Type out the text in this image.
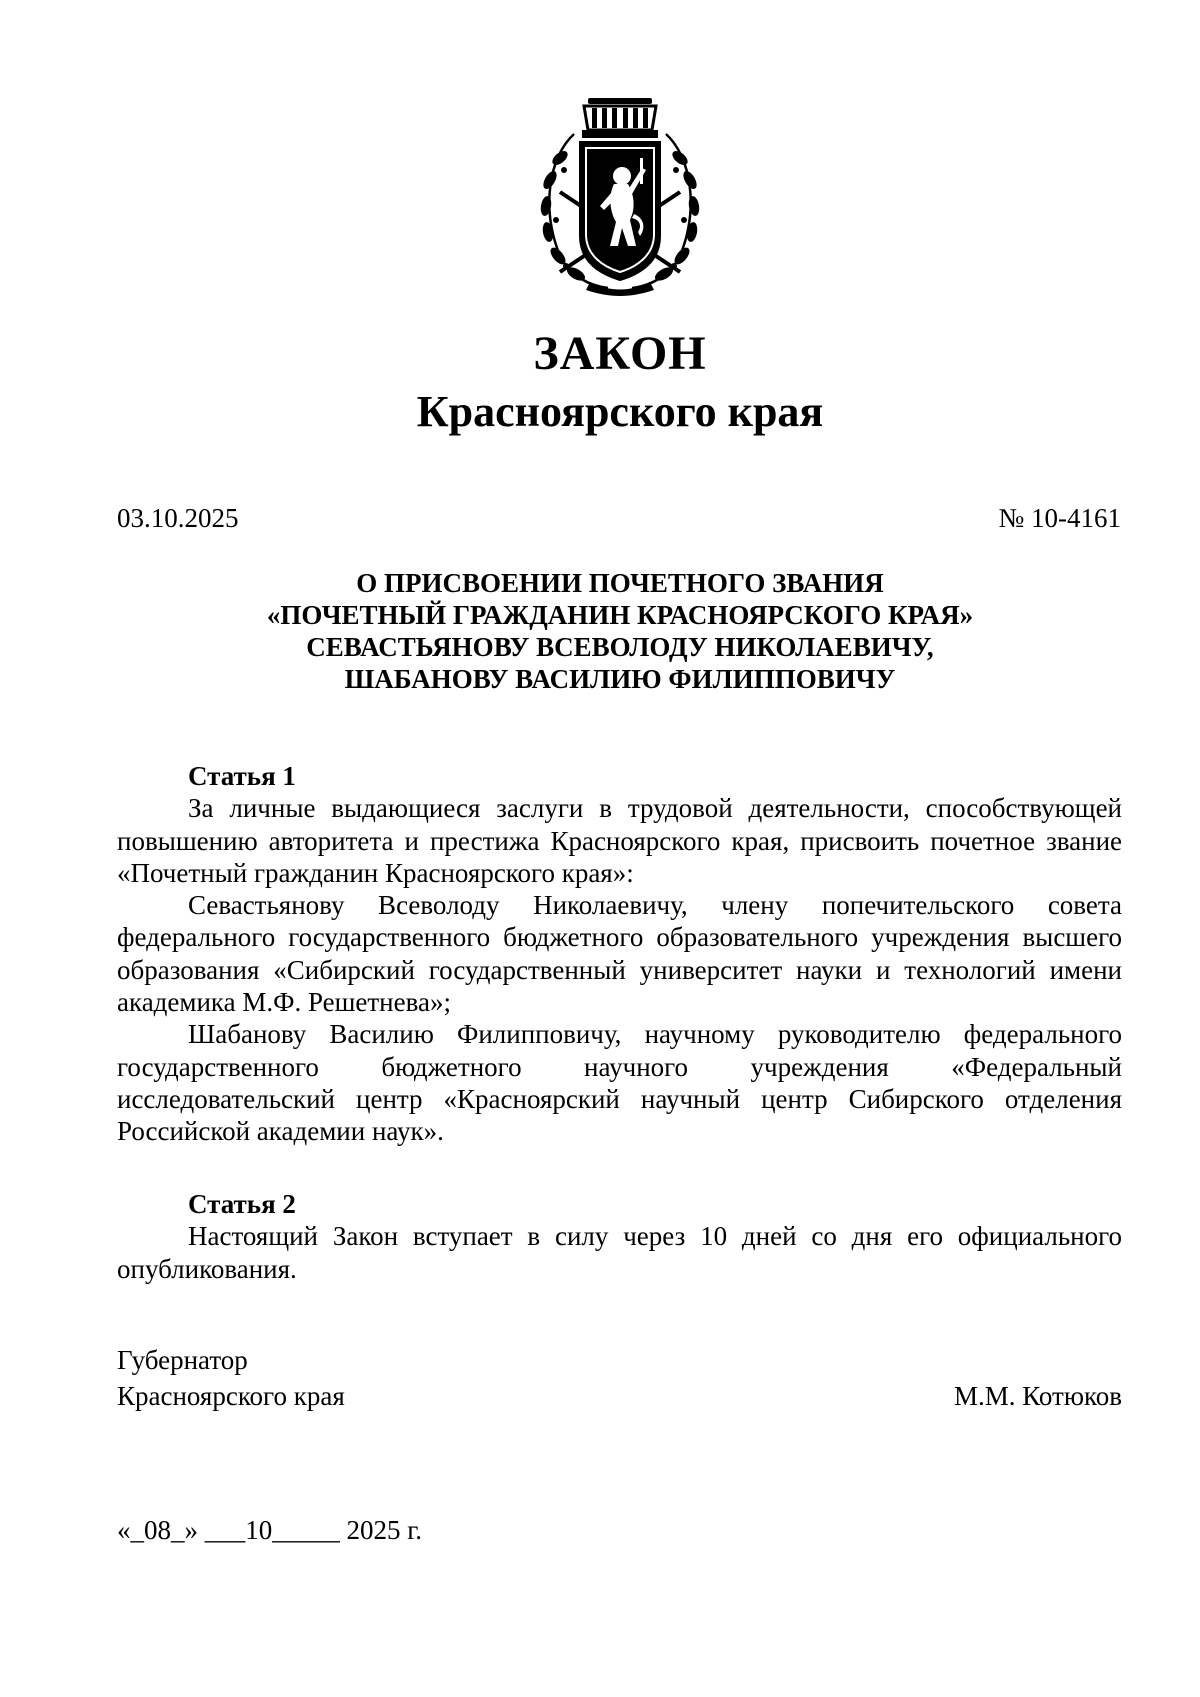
ЗАКОН
Красноярского края
03.10.2025	№ 10-4161
О ПРИСВОЕНИИ ПОЧЕТНОГО ЗВАНИЯ
«ПОЧЕТНЫЙ ГРАЖДАНИН КРАСНОЯРСКОГО КРАЯ»
СЕВАСТЬЯНОВУ ВСЕВОЛОДУ НИКОЛАЕВИЧУ,
ШАБАНОВУ ВАСИЛИЮ ФИЛИППОВИЧУ
Статья 1

За личные выдающиеся заслуги в трудовой деятельности, способствующей повышению авторитета и престижа Красноярского края, присвоить почетное звание «Почетный гражданин Красноярского края»:

Севастьянову Всеволоду Николаевичу, члену попечительского совета федерального государственного бюджетного образовательного учреждения высшего образования «Сибирский государственный университет науки и технологий имени академика М.Ф. Решетнева»;

Шабанову Василию Филипповичу, научному руководителю федерального государственного бюджетного научного учреждения «Федеральный исследовательский центр «Красноярский научный центр Сибирского отделения Российской академии наук».

Статья 2

Настоящий Закон вступает в силу через 10 дней со дня его официального опубликования.

Губернатор
Красноярского края	М.М. Котюков
«_08_» ___10_____ 2025 г.
